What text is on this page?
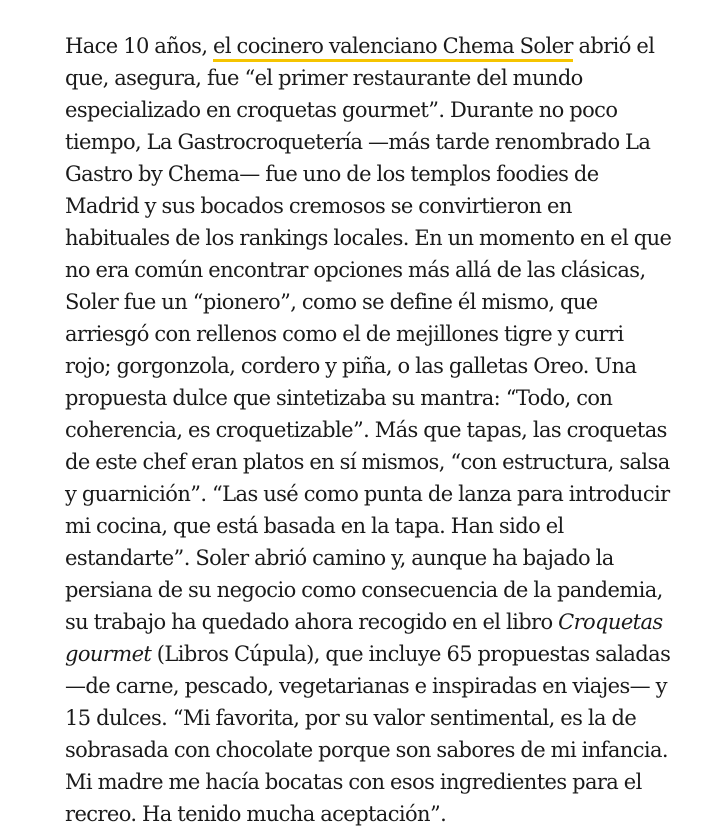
Hace 10 años, el cocinero valenciano Chema Soler abrió el
que, asegura, fue “el primer restaurante del mundo
especializado en croquetas gourmet”. Durante no poco
tiempo, La Gastrocroquetería —más tarde renombrado La
Gastro by Chema— fue uno de los templos foodies de
Madrid y sus bocados cremosos se convirtieron en
habituales de los rankings locales. En un momento en el que
no era común encontrar opciones más allá de las clásicas,
Soler fue un “pionero”, como se define él mismo, que
arriesgó con rellenos como el de mejillones tigre y curri
rojo; gorgonzola, cordero y piña, o las galletas Oreo. Una
propuesta dulce que sintetizaba su mantra: “Todo, con
coherencia, es croquetizable”. Más que tapas, las croquetas
de este chef eran platos en sí mismos, “con estructura, salsa
y guarnición”. “Las usé como punta de lanza para introducir
mi cocina, que está basada en la tapa. Han sido el
estandarte”. Soler abrió camino y, aunque ha bajado la
persiana de su negocio como consecuencia de la pandemia,
su trabajo ha quedado ahora recogido en el libro Croquetas
gourmet (Libros Cúpula), que incluye 65 propuestas saladas
—de carne, pescado, vegetarianas e inspiradas en viajes— y
15 dulces. “Mi favorita, por su valor sentimental, es la de
sobrasada con chocolate porque son sabores de mi infancia.
Mi madre me hacía bocatas con esos ingredientes para el
recreo. Ha tenido mucha aceptación”.
